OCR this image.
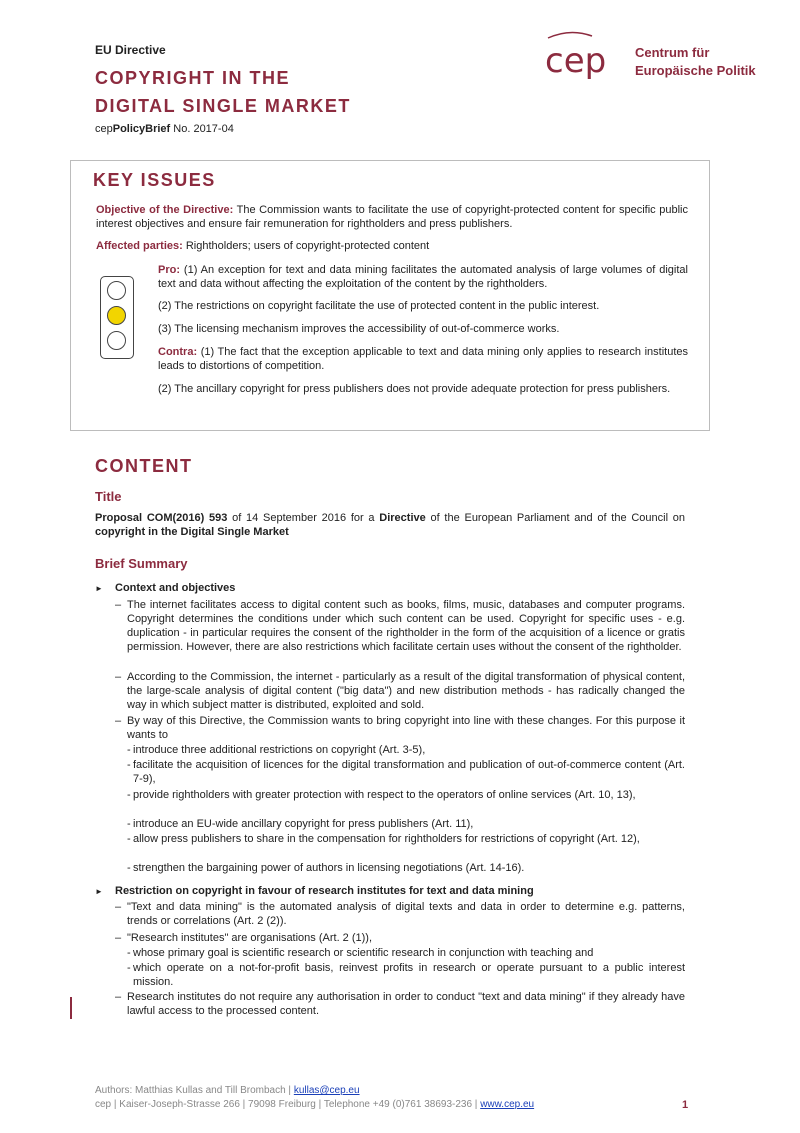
EU Directive
COPYRIGHT IN THE
DIGITAL SINGLE MARKET
cepPolicyBrief No. 2017-04
cep Centrum für
Europäische Politik
KEY ISSUES
Objective of the Directive: The Commission wants to facilitate the use of copyright-protected content for specific public interest objectives and ensure fair remuneration for rightholders and press publishers.
Affected parties: Rightholders; users of copyright-protected content
Pro: (1) An exception for text and data mining facilitates the automated analysis of large volumes of digital text and data without affecting the exploitation of the content by the rightholders.
(2) The restrictions on copyright facilitate the use of protected content in the public interest.
(3) The licensing mechanism improves the accessibility of out-of-commerce works.
Contra: (1) The fact that the exception applicable to text and data mining only applies to research institutes leads to distortions of competition.
(2) The ancillary copyright for press publishers does not provide adequate protection for press publishers.
CONTENT
Title
Proposal COM(2016) 593 of 14 September 2016 for a Directive of the European Parliament and of the Council on copyright in the Digital Single Market
Brief Summary
► Context and objectives
– The internet facilitates access to digital content such as books, films, music, databases and computer programs. Copyright determines the conditions under which such content can be used. Copyright for specific uses - e.g. duplication - in particular requires the consent of the rightholder in the form of the acquisition of a licence or gratis permission. However, there are also restrictions which facilitate certain uses without the consent of the rightholder.
– According to the Commission, the internet - particularly as a result of the digital transformation of physical content, the large-scale analysis of digital content ("big data") and new distribution methods - has radically changed the way in which subject matter is distributed, exploited and sold.
– By way of this Directive, the Commission wants to bring copyright into line with these changes. For this purpose it wants to
- introduce three additional restrictions on copyright (Art. 3-5),
- facilitate the acquisition of licences for the digital transformation and publication of out-of-commerce content (Art. 7-9),
- provide rightholders with greater protection with respect to the operators of online services (Art. 10, 13),
- introduce an EU-wide ancillary copyright for press publishers (Art. 11),
- allow press publishers to share in the compensation for rightholders for restrictions of copyright (Art. 12),
- strengthen the bargaining power of authors in licensing negotiations (Art. 14-16).
► Restriction on copyright in favour of research institutes for text and data mining
– "Text and data mining" is the automated analysis of digital texts and data in order to determine e.g. patterns, trends or correlations (Art. 2 (2)).
– "Research institutes" are organisations (Art. 2 (1)),
- whose primary goal is scientific research or scientific research in conjunction with teaching and
- which operate on a not-for-profit basis, reinvest profits in research or operate pursuant to a public interest mission.
– Research institutes do not require any authorisation in order to conduct "text and data mining" if they already have lawful access to the processed content.
Authors: Matthias Kullas and Till Brombach | kullas@cep.eu
cep | Kaiser-Joseph-Strasse 266 | 79098 Freiburg | Telephone +49 (0)761 38693-236 | www.cep.eu	1
